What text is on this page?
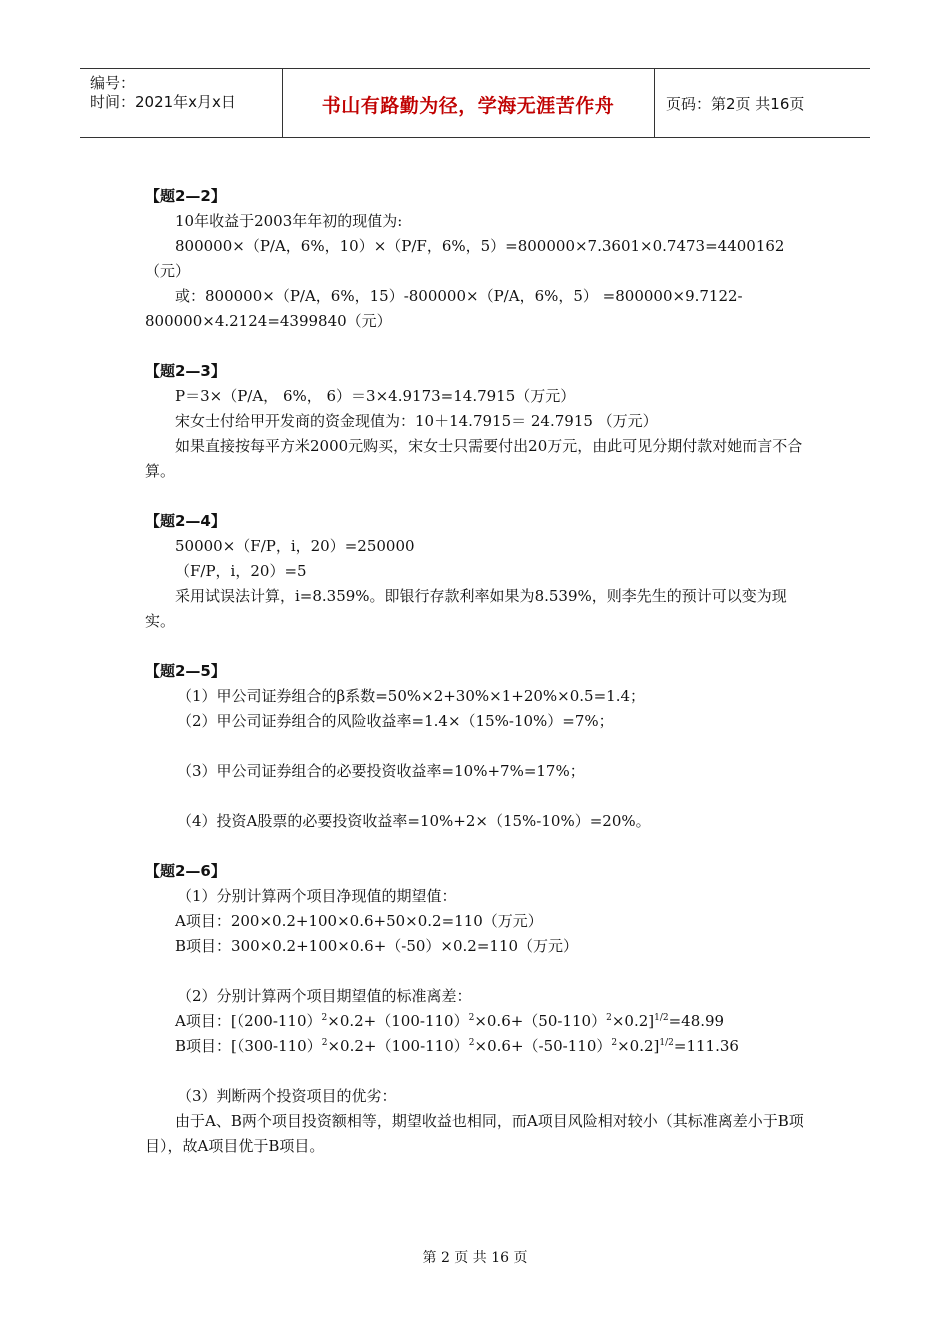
编号：
时间：2021年x月x日	书山有路勤为径，学海无涯苦作舟	页码：第2页 共16页

【题2—2】

10年收益于2003年年初的现值为:

800000×（P/A，6%，10）×（P/F，6%，5）=800000×7.3601×0.7473=4400162（元）

或：800000×（P/A，6%，15）-800000×（P/A，6%，5） =800000×9.7122-800000×4.2124=4399840（元）

【题2—3】

P＝3×（P/A， 6%， 6）＝3×4.9173=14.7915（万元）

宋女士付给甲开发商的资金现值为：10＋14.7915＝ 24.7915 （万元）

如果直接按每平方米2000元购买，宋女士只需要付出20万元，由此可见分期付款对她而言不合算。

【题2—4】

50000×（F/P，i，20）=250000

（F/P，i，20）=5

采用试误法计算，i=8.359%。即银行存款利率如果为8.539%，则李先生的预计可以变为现实。

【题2—5】

（1）甲公司证券组合的β系数=50%×2+30%×1+20%×0.5=1.4；

（2）甲公司证券组合的风险收益率=1.4×（15%-10%）=7%；

（3）甲公司证券组合的必要投资收益率=10%+7%=17%；

（4）投资A股票的必要投资收益率=10%+2×（15%-10%）=20%。

【题2—6】

（1）分别计算两个项目净现值的期望值：

A项目：200×0.2+100×0.6+50×0.2=110（万元）

B项目：300×0.2+100×0.6+（-50）×0.2=110（万元）

（2）分别计算两个项目期望值的标准离差：

A项目：$[(200-110)^2\times 0.2+(100-110)^2\times 0.6+(50-110)^2\times 0.2]^{1/2}=48.99$

B项目：$[(300-110)^2\times 0.2+(100-110)^2\times 0.6+(-50-110)^2\times 0.2]^{1/2}=111.36$

（3）判断两个投资项目的优劣：

由于A、B两个项目投资额相等，期望收益也相同，而A项目风险相对较小（其标准离差小于B项目），故A项目优于B项目。

第 2 页 共 16 页
